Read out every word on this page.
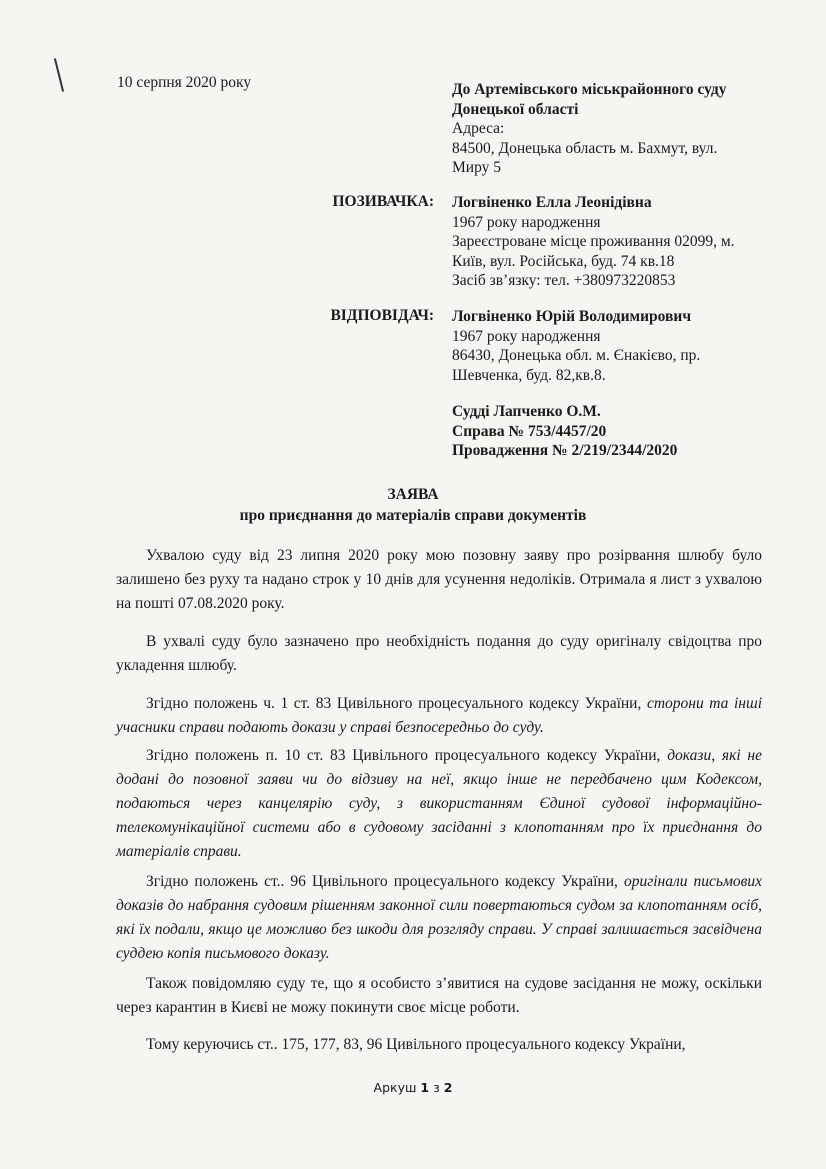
10 серпня 2020 року	До Артемівського міськрайонного суду
Донецької області
Адреса:
84500, Донецька область м. Бахмут, вул.
Миру 5
ПОЗИВАЧКА: Логвіненко Елла Леонідівна
1967 року народження
Зареєстроване місце проживання 02099, м.
Київ, вул. Російська, буд. 74 кв.18
Засіб зв’язку: тел. +380973220853
ВІДПОВІДАЧ: Логвіненко Юрій Володимирович
1967 року народження
86430, Донецька обл. м. Єнакієво, пр.
Шевченка, буд. 82,кв.8.
Судді Лапченко О.М.
Справа № 753/4457/20
Провадження № 2/219/2344/2020
ЗАЯВА
про приєднання до матеріалів справи документів
Ухвалою суду від 23 липня 2020 року мою позовну заяву про розірвання шлюбу було залишено без руху та надано строк у 10 днів для усунення недоліків. Отримала я лист з ухвалою на пошті 07.08.2020 року.
В ухвалі суду було зазначено про необхідність подання до суду оригіналу свідоцтва про укладення шлюбу.
Згідно положень ч. 1 ст. 83 Цивільного процесуального кодексу України, сторони та інші учасники справи подають докази у справі безпосередньо до суду.
Згідно положень п. 10 ст. 83 Цивільного процесуального кодексу України, докази, які не додані до позовної заяви чи до відзиву на неї, якщо інше не передбачено цим Кодексом, подаються через канцелярію суду, з використанням Єдиної судової інформаційно-телекомунікаційної системи або в судовому засіданні з клопотанням про їх приєднання до матеріалів справи.
Згідно положень ст.. 96 Цивільного процесуального кодексу України, оригінали письмових доказів до набрання судовим рішенням законної сили повертаються судом за клопотанням осіб, які їх подали, якщо це можливо без шкоди для розгляду справи. У справі залишається засвідчена суддею копія письмового доказу.
Також повідомляю суду те, що я особисто з’явитися на судове засідання не можу, оскільки через карантин в Києві не можу покинути своє місце роботи.
Тому керуючись ст.. 175, 177, 83, 96 Цивільного процесуального кодексу України,
Аркуш 1 з 2
